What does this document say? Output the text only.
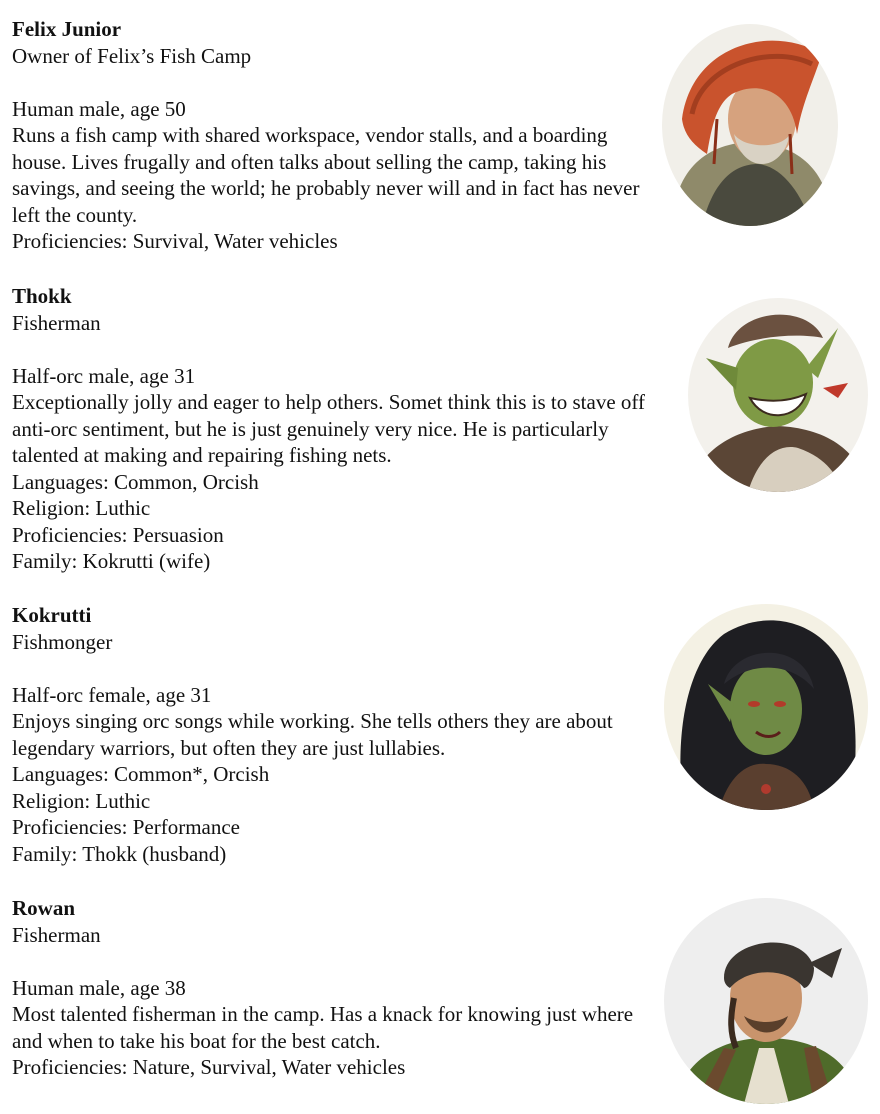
Felix Junior
Owner of Felix’s Fish Camp
Human male, age 50
Runs a fish camp with shared workspace, vendor stalls, and a boarding house. Lives frugally and often talks about selling the camp, taking his savings, and seeing the world; he probably never will and in fact has never left the county.
Proficiencies: Survival, Water vehicles
Thokk
Fisherman
Half-orc male, age 31
Exceptionally jolly and eager to help others. Somet think this is to stave off anti-orc sentiment, but he is just genuinely very nice. He is particularly talented at making and repairing fishing nets.
Languages: Common, Orcish
Religion: Luthic
Proficiencies: Persuasion
Family: Kokrutti (wife)
Kokrutti
Fishmonger
Half-orc female, age 31
Enjoys singing orc songs while working. She tells others they are about legendary warriors, but often they are just lullabies.
Languages: Common*, Orcish
Religion: Luthic
Proficiencies: Performance
Family: Thokk (husband)
Rowan
Fisherman
Human male, age 38
Most talented fisherman in the camp. Has a knack for knowing just where and when to take his boat for the best catch.
Proficiencies: Nature, Survival, Water vehicles
